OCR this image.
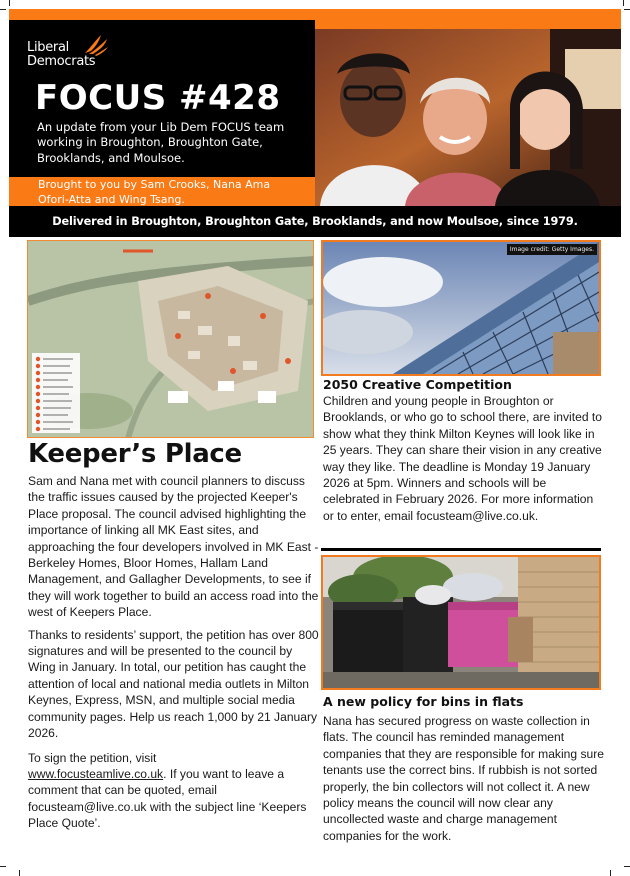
Liberal
Democrats
FOCUS #428
An update from your Lib Dem FOCUS team working in Broughton, Broughton Gate, Brooklands, and Moulsoe.
Brought to you by Sam Crooks, Nana Ama Ofori-Atta and Wing Tsang.
Delivered in Broughton, Broughton Gate, Brooklands, and now Moulsoe, since 1979.
Image credit: Getty Images.
Keeper’s Place

Sam and Nana met with council planners to discuss the traffic issues caused by the projected Keeper's Place proposal. The council advised highlighting the importance of linking all MK East sites, and approaching the four developers involved in MK East - Berkeley Homes, Bloor Homes, Hallam Land Management, and Gallagher Developments, to see if they will work together to build an access road into the west of Keepers Place.

Thanks to residents’ support, the petition has over 800 signatures and will be presented to the council by Wing in January. In total, our petition has caught the attention of local and national media outlets in Milton Keynes, Express, MSN, and multiple social media community pages. Help us reach 1,000 by 21 January 2026.

To sign the petition, visit
www.focusteamlive.co.uk. If you want to leave a comment that can be quoted, email focusteam@live.co.uk with the subject line ‘Keepers Place Quote’.

2050 Creative Competition
Children and young people in Broughton or Brooklands, or who go to school there, are invited to show what they think Milton Keynes will look like in 25 years. They can share their vision in any creative way they like. The deadline is Monday 19 January 2026 at 5pm. Winners and schools will be celebrated in February 2026. For more information or to enter, email focusteam@live.co.uk.
A new policy for bins in flats
Nana has secured progress on waste collection in flats. The council has reminded management companies that they are responsible for making sure tenants use the correct bins. If rubbish is not sorted properly, the bin collectors will not collect it. A new policy means the council will now clear any uncollected waste and charge management companies for the work.
